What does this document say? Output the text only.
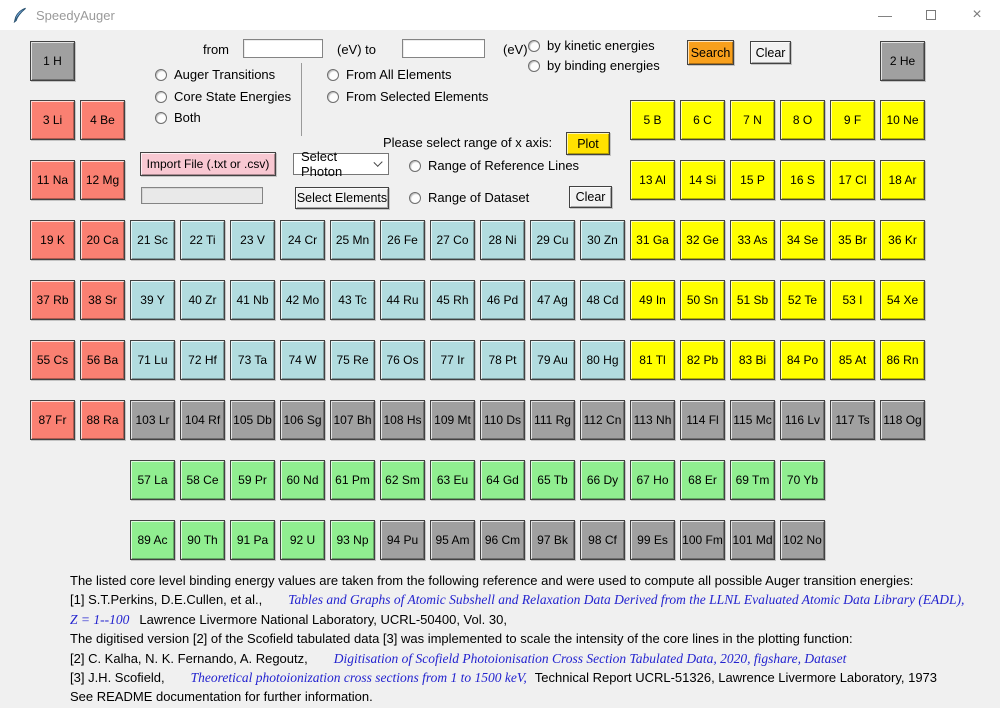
SpeedyAuger	—	×
from	(eV) to	(eV)
Auger Transitions
Core State Energies
Both
From All Elements
From Selected Elements
by kinetic energies
by binding energies
Search	Clear
Please select range of x axis:	Plot
Import File (.txt or .csv)	Select Photon	Range of Reference Lines
Select Elements	Range of Dataset	Clear
1 H	2 He
3 Li	4 Be	5 B	6 C	7 N	8 O	9 F	10 Ne
11 Na	12 Mg	13 Al	14 Si	15 P	16 S	17 Cl	18 Ar
19 K	20 Ca	21 Sc	22 Ti	23 V	24 Cr	25 Mn	26 Fe	27 Co	28 Ni	29 Cu	30 Zn	31 Ga	32 Ge	33 As	34 Se	35 Br	36 Kr
37 Rb	38 Sr	39 Y	40 Zr	41 Nb	42 Mo	43 Tc	44 Ru	45 Rh	46 Pd	47 Ag	48 Cd	49 In	50 Sn	51 Sb	52 Te	53 I	54 Xe
55 Cs	56 Ba	71 Lu	72 Hf	73 Ta	74 W	75 Re	76 Os	77 Ir	78 Pt	79 Au	80 Hg	81 Tl	82 Pb	83 Bi	84 Po	85 At	86 Rn
87 Fr	88 Ra	103 Lr	104 Rf	105 Db 106 Sg 107 Bh 108 Hs	109 Mt	110 Ds	111 Rg	112 Cn 113 Nh	114 Fl	115 Mc	116 Lv	117 Ts	118 Og
57 La	58 Ce	59 Pr	60 Nd	61 Pm	62 Sm	63 Eu	64 Gd	65 Tb	66 Dy	67 Ho	68 Er	69 Tm	70 Yb
89 Ac	90 Th	91 Pa	92 U	93 Np	94 Pu	95 Am	96 Cm	97 Bk	98 Cf	99 Es	100 Fm 101 Md 102 No
The listed core level binding energy values are taken from the following reference and were used to compute all possible Auger transition energies:
[1] S.T.Perkins, D.E.Cullen, et al., Tables and Graphs of Atomic Subshell and Relaxation Data Derived from the LLNL Evaluated Atomic Data Library (EADL),
Z = 1--100 Lawrence Livermore National Laboratory, UCRL-50400, Vol. 30,
The digitised version [2] of the Scofield tabulated data [3] was implemented to scale the intensity of the core lines in the plotting function:
[2] C. Kalha, N. K. Fernando, A. Regoutz, Digitisation of Scofield Photoionisation Cross Section Tabulated Data, 2020, figshare, Dataset
[3] J.H. Scofield, Theoretical photoionization cross sections from 1 to 1500 keV, Technical Report UCRL-51326, Lawrence Livermore Laboratory, 1973
See README documentation for further information.
